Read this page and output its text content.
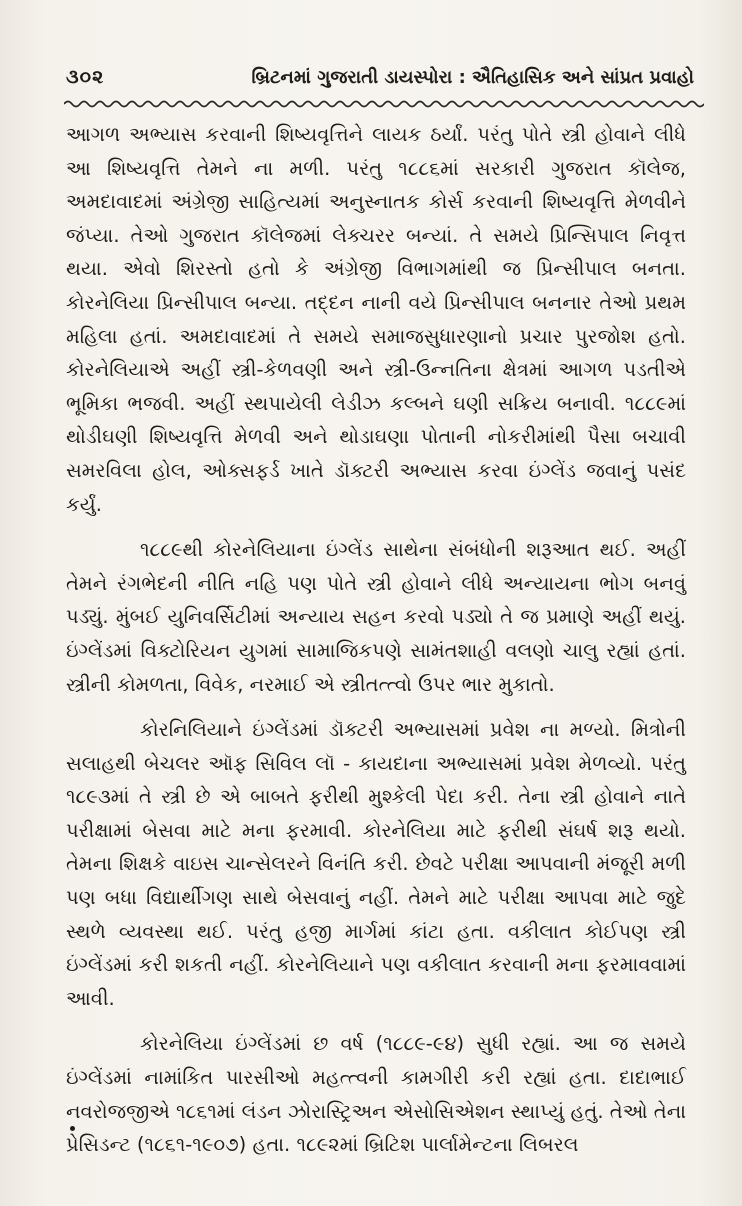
૩૦૨	બ્રિટનમાં ગુજરાતી ડાયસ્પોરા : ઐતિહાસિક અને સાંપ્રત પ્રવાહો

આગળ અભ્યાસ કરવાની શિષ્યવૃત્તિને લાયક ઠર્યાં. પરંતુ પોતે સ્ત્રી હોવાને લીધે આ શિષ્યવૃત્તિ તેમને ના મળી. પરંતુ ૧૮૮૬માં સરકારી ગુજરાત કૉલેજ, અમદાવાદમાં અંગ્રેજી સાહિત્યમાં અનુસ્નાતક કોર્સ કરવાની શિષ્યવૃત્તિ મેળવીને જંપ્યા. તેઓ ગુજરાત કૉલેજમાં લેક્ચરર બન્યાં. તે સમયે પ્રિન્સિપાલ નિવૃત્ત થયા. એવો શિરસ્તો હતો કે અંગ્રેજી વિભાગમાંથી જ પ્રિન્સીપાલ બનતા. કોરનેલિયા પ્રિન્સીપાલ બન્યા. તદ્દન નાની વયે પ્રિન્સીપાલ બનનાર તેઓ પ્રથમ મહિલા હતાં. અમદાવાદમાં તે સમયે સમાજસુધારણાનો પ્રચાર પુરજોશ હતો. કોરનેલિયાએ અહીં સ્ત્રી-કેળવણી અને સ્ત્રી-ઉન્નતિના ક્ષેત્રમાં આગળ પડતીએ ભૂમિકા ભજવી. અહીં સ્થપાયેલી લેડીઝ કલ્બને ઘણી સક્રિય બનાવી. ૧૮૮૯માં થોડીઘણી શિષ્યવૃત્તિ મેળવી અને થોડાઘણા પોતાની નોકરીમાંથી પૈસા બચાવી સમરવિલા હોલ, ઓક્સફર્ડ ખાતે ડૉક્ટરી અભ્યાસ કરવા ઇંગ્લેંડ જવાનું પસંદ કર્યું.

૧૮૮૯થી કોરનેલિયાના ઇંગ્લેંડ સાથેના સંબંધોની શરૂઆત થઈ. અહીં તેમને રંગભેદની નીતિ નહિ પણ પોતે સ્ત્રી હોવાને લીધે અન્યાયના ભોગ બનવું પડ્યું. મુંબઈ યુનિવર્સિટીમાં અન્યાય સહન કરવો પડ્યો તે જ પ્રમાણે અહીં થયું. ઇંગ્લેંડમાં વિક્ટોરિયન યુગમાં સામાજિકપણે સામંતશાહી વલણો ચાલુ રહ્યાં હતાં. સ્ત્રીની કોમળતા, વિવેક, નરમાઈ એ સ્ત્રીતત્ત્વો ઉપર ભાર મુકાતો.

કોરનિલિયાને ઇંગ્લેંડમાં ડૉક્ટરી અભ્યાસમાં પ્રવેશ ના મળ્યો. મિત્રોની સલાહથી બેચલર ઑફ સિવિલ લૉ - કાયદાના અભ્યાસમાં પ્રવેશ મેળવ્યો. પરંતુ ૧૮૯૩માં તે સ્ત્રી છે એ બાબતે ફરીથી મુશ્કેલી પેદા કરી. તેના સ્ત્રી હોવાને નાતે પરીક્ષામાં બેસવા માટે મના ફરમાવી. કોરનેલિયા માટે ફરીથી સંઘર્ષ શરૂ થયો. તેમના શિક્ષકે વાઇસ ચાન્સેલરને વિનંતિ કરી. છેવટે પરીક્ષા આપવાની મંજૂરી મળી પણ બધા વિદ્યાર્થીગણ સાથે બેસવાનું નહીં. તેમને માટે પરીક્ષા આપવા માટે જુદે સ્થળે વ્યવસ્થા થઈ. પરંતુ હજી માર્ગમાં કાંટા હતા. વકીલાત કોઈપણ સ્ત્રી ઇંગ્લેંડમાં કરી શકતી નહીં. કોરનેલિયાને પણ વકીલાત કરવાની મના ફરમાવવામાં આવી.

કોરનેલિયા ઇંગ્લેંડમાં છ વર્ષ (૧૮૮૯-૯૪) સુધી રહ્યાં. આ જ સમયે ઇંગ્લેંડમાં નામાંકિત પારસીઓ મહત્ત્વની કામગીરી કરી રહ્યાં હતા. દાદાભાઈ નવરોજજીએ ૧૮૬૧માં લંડન ઝોરાસ્ટ્રિઅન એસોસિએશન સ્થાપ્યું હતું. તેઓ તેના પ્રેસિડન્ટ (૧૮૬૧-૧૯૦૭) હતા. ૧૮૯૨માં બ્રિટિશ પાર્લામેન્ટના લિબરલ
